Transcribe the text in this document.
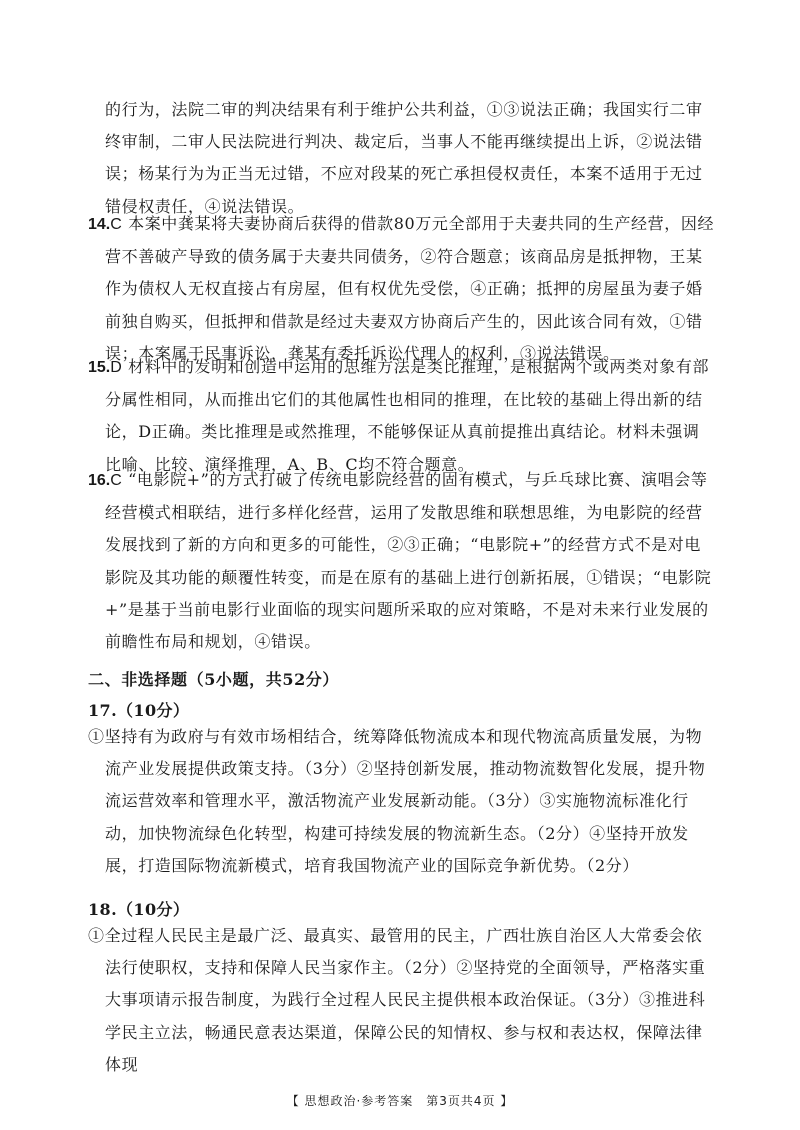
的行为，法院二审的判决结果有利于维护公共利益，①③说法正确；我国实行二审终审制，二审人民法院进行判决、裁定后，当事人不能再继续提出上诉，②说法错误；杨某行为为正当无过错，不应对段某的死亡承担侵权责任，本案不适用于无过错侵权责任，④说法错误。

14.C 本案中龚某将夫妻协商后获得的借款80万元全部用于夫妻共同的生产经营，因经营不善破产导致的债务属于夫妻共同债务，②符合题意；该商品房是抵押物，王某作为债权人无权直接占有房屋，但有权优先受偿，④正确；抵押的房屋虽为妻子婚前独自购买，但抵押和借款是经过夫妻双方协商后产生的，因此该合同有效，①错误；本案属于民事诉讼，龚某有委托诉讼代理人的权利，③说法错误。

15.D 材料中的发明和创造中运用的思维方法是类比推理，是根据两个或两类对象有部分属性相同，从而推出它们的其他属性也相同的推理，在比较的基础上得出新的结论，D正确。类比推理是或然推理，不能够保证从真前提推出真结论。材料未强调比喻、比较、演绎推理，A、B、C均不符合题意。

16.C “电影院+”的方式打破了传统电影院经营的固有模式，与乒乓球比赛、演唱会等经营模式相联结，进行多样化经营，运用了发散思维和联想思维，为电影院的经营发展找到了新的方向和更多的可能性，②③正确；“电影院+”的经营方式不是对电影院及其功能的颠覆性转变，而是在原有的基础上进行创新拓展，①错误；“电影院+”是基于当前电影行业面临的现实问题所采取的应对策略，不是对未来行业发展的前瞻性布局和规划，④错误。

二、非选择题（5小题，共52分）

17.（10分）

①坚持有为政府与有效市场相结合，统筹降低物流成本和现代物流高质量发展，为物流产业发展提供政策支持。（3分）②坚持创新发展，推动物流数智化发展，提升物流运营效率和管理水平，激活物流产业发展新动能。（3分）③实施物流标准化行动，加快物流绿色化转型，构建可持续发展的物流新生态。（2分）④坚持开放发展，打造国际物流新模式，培育我国物流产业的国际竞争新优势。（2分）

18.（10分）

①全过程人民民主是最广泛、最真实、最管用的民主，广西壮族自治区人大常委会依法行使职权，支持和保障人民当家作主。（2分）②坚持党的全面领导，严格落实重大事项请示报告制度，为践行全过程人民民主提供根本政治保证。（3分）③推进科学民主立法，畅通民意表达渠道，保障公民的知情权、参与权和表达权，保障法律体现

【 思想政治·参考答案　第3页共4页 】
